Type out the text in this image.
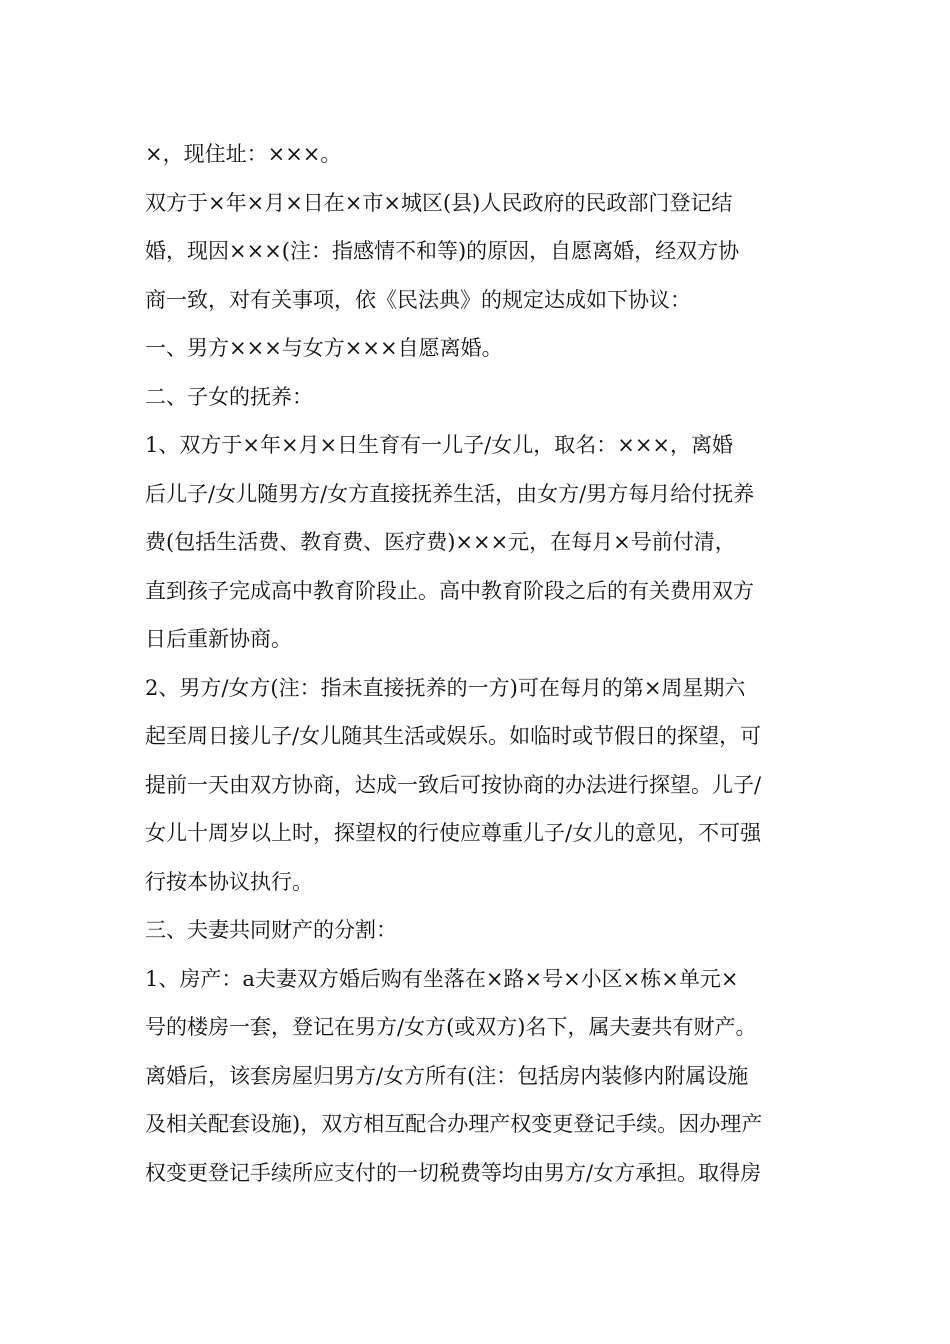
×，现住址：×××。
双方于×年×月×日在×市×城区(县)人民政府的民政部门登记结
婚，现因×××(注：指感情不和等)的原因，自愿离婚，经双方协
商一致，对有关事项，依《民法典》的规定达成如下协议：
一、男方×××与女方×××自愿离婚。
二、子女的抚养：
1、双方于×年×月×日生育有一儿子/女儿，取名：×××，离婚
后儿子/女儿随男方/女方直接抚养生活，由女方/男方每月给付抚养
费(包括生活费、教育费、医疗费)×××元，在每月×号前付清，
直到孩子完成高中教育阶段止。高中教育阶段之后的有关费用双方
日后重新协商。
2、男方/女方(注：指未直接抚养的一方)可在每月的第×周星期六
起至周日接儿子/女儿随其生活或娱乐。如临时或节假日的探望，可
提前一天由双方协商，达成一致后可按协商的办法进行探望。儿子/
女儿十周岁以上时，探望权的行使应尊重儿子/女儿的意见，不可强
行按本协议执行。
三、夫妻共同财产的分割：
1、房产：a夫妻双方婚后购有坐落在×路×号×小区×栋×单元×
号的楼房一套，登记在男方/女方(或双方)名下，属夫妻共有财产。
离婚后，该套房屋归男方/女方所有(注：包括房内装修内附属设施
及相关配套设施)，双方相互配合办理产权变更登记手续。因办理产
权变更登记手续所应支付的一切税费等均由男方/女方承担。取得房
